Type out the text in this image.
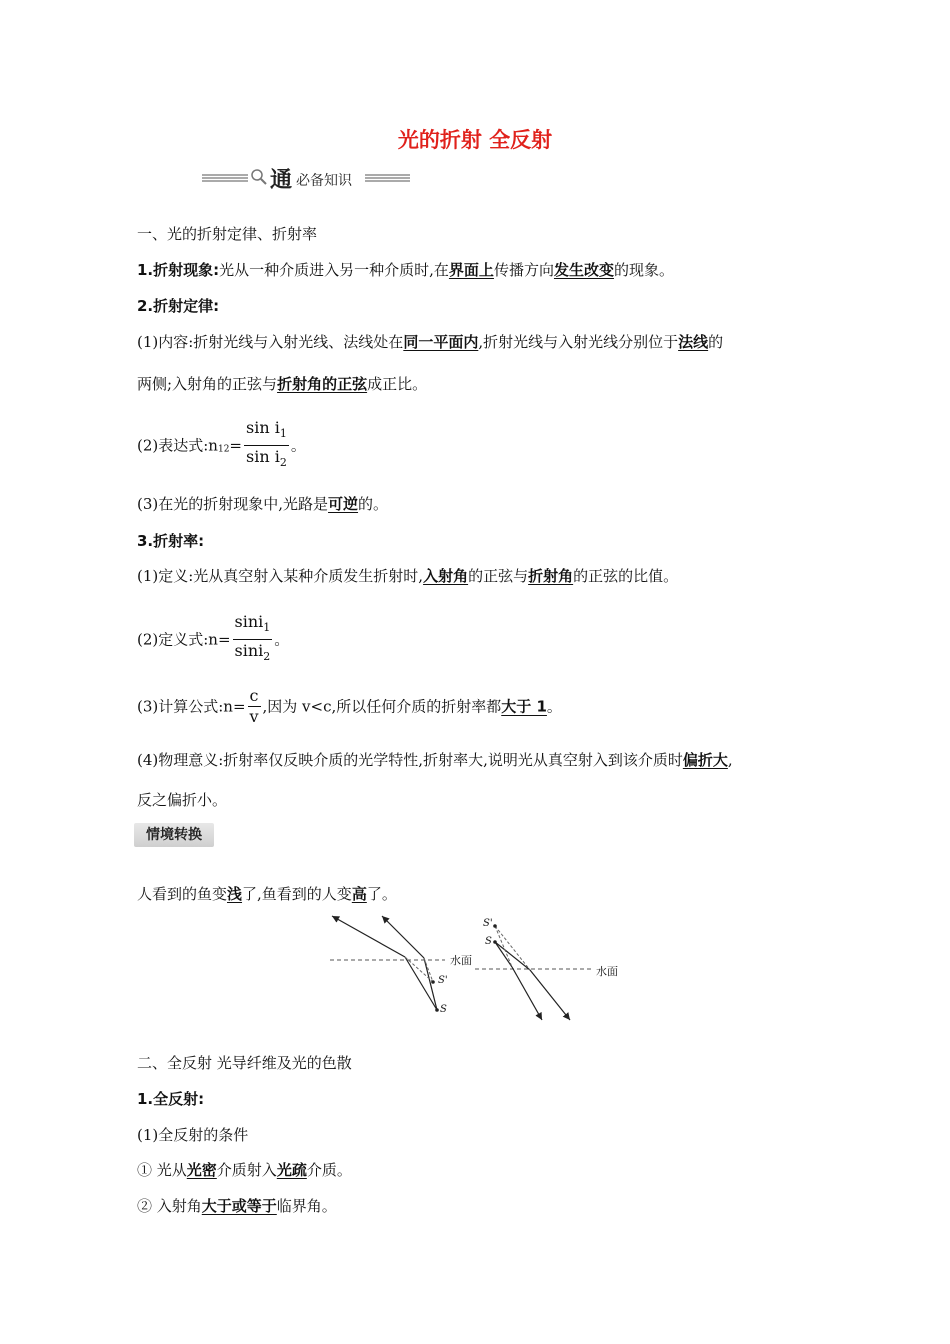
光的折射 全反射
通 必备知识
一、光的折射定律、折射率
1.折射现象:光从一种介质进入另一种介质时,在界面上传播方向发生改变的现象。
2.折射定律:
(1)内容:折射光线与入射光线、法线处在同一平面内,折射光线与入射光线分别位于法线的
两侧;入射角的正弦与折射角的正弦成正比。
(2)表达式$:n_{12}= \frac{\sin i_1}{\sin i_2}$ 。
(3)在光的折射现象中,光路是可逆的。
3.折射率:
(1)定义:光从真空射入某种介质发生折射时,入射角的正弦与折射角的正弦的比值。
(2)定义式:n= $\frac{\sin i_1}{\sin i_2}$ 。
(3)计算公式:n= $\frac{c}{v}$ ,因为 v<c,所以任何介质的折射率都大于 1。
(4)物理意义:折射率仅反映介质的光学特性,折射率大,说明光从真空射入到该介质时偏折大,
反之偏折小。
情境转换
人看到的鱼变浅了,鱼看到的人变高了。
水面
水面
S'
S
S'
S
二、全反射 光导纤维及光的色散
1.全反射:
(1)全反射的条件
① 光从光密介质射入光疏介质。
② 入射角大于或等于临界角。
